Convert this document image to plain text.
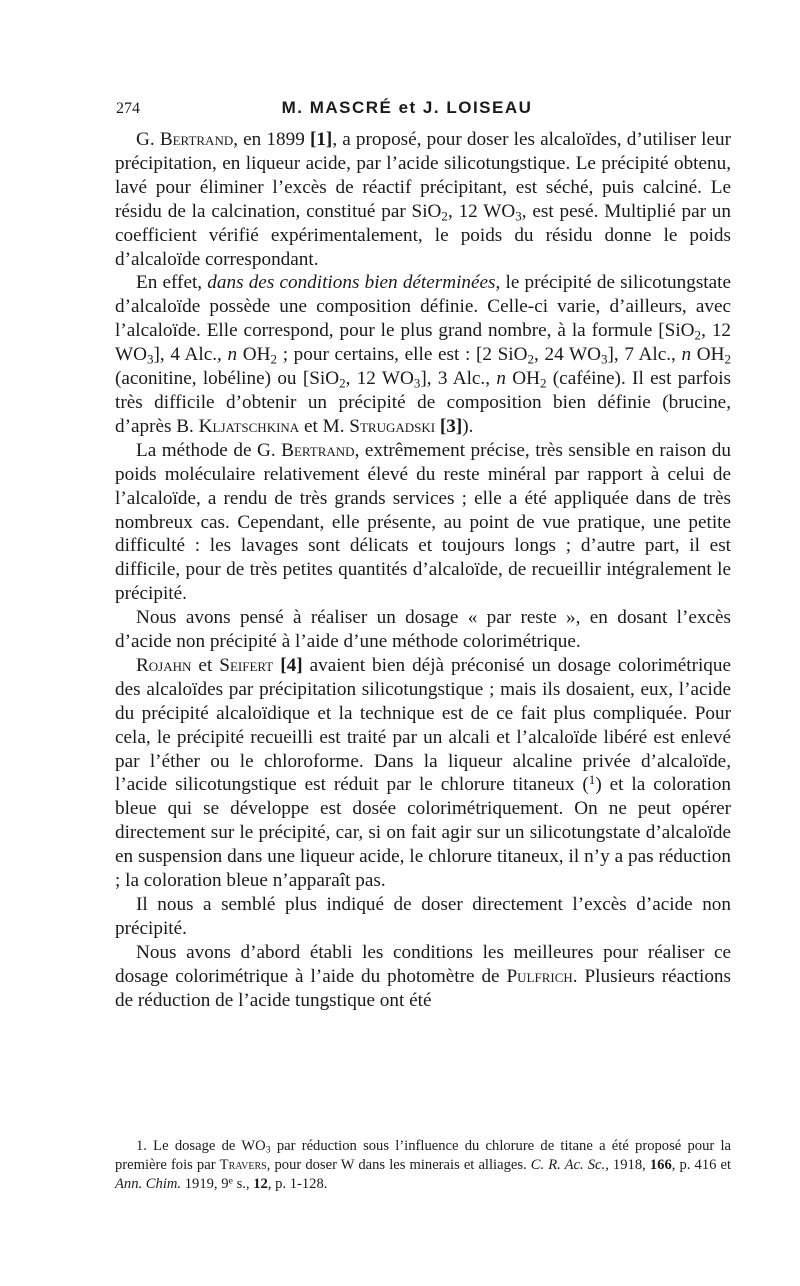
274	M. MASCRÉ et J. LOISEAU

G. Bertrand, en 1899 [1], a proposé, pour doser les alcaloïdes, d’utiliser leur précipitation, en liqueur acide, par l’acide silicotungstique. Le précipité obtenu, lavé pour éliminer l’excès de réactif précipitant, est séché, puis calciné. Le résidu de la calcination, constitué par SiO$_2$, 12 $WO_3$, est pesé. Multiplié par un coefficient vérifié expérimentalement, le poids du résidu donne le poids d’alcaloïde correspondant.

En effet, dans des conditions bien déterminées, le précipité de silicotungstate d’alcaloïde possède une composition définie. Celle-ci varie, d’ailleurs, avec l’alcaloïde. Elle correspond, pour le plus grand nombre, à la formule [SiO$_2$, 12 $WO_3$], 4 Alc., n $OH_2$ ; pour certains, elle est : [2 SiO$_2$, 24 $WO_3$], 7 Alc., n $OH_2$ (aconitine, lobéline) ou [SiO$_2$, 12 $WO_3$], 3 Alc., n $OH_2$ (caféine). Il est parfois très difficile d’obtenir un précipité de composition bien définie (brucine, d’après B. Kljatschkina et M. Strugadski [3]).

La méthode de G. Bertrand, extrêmement précise, très sensible en raison du poids moléculaire relativement élevé du reste minéral par rapport à celui de l’alcaloïde, a rendu de très grands services ; elle a été appliquée dans de très nombreux cas. Cependant, elle présente, au point de vue pratique, une petite difficulté : les lavages sont délicats et toujours longs ; d’autre part, il est difficile, pour de très petites quantités d’alcaloïde, de recueillir intégralement le précipité.

Nous avons pensé à réaliser un dosage « par reste », en dosant l’excès d’acide non précipité à l’aide d’une méthode colorimétrique.

Rojahn et Seifert [4] avaient bien déjà préconisé un dosage colorimétrique des alcaloïdes par précipitation silicotungstique ; mais ils dosaient, eux, l’acide du précipité alcaloïdique et la technique est de ce fait plus compliquée. Pour cela, le précipité recueilli est traité par un alcali et l’alcaloïde libéré est enlevé par l’éther ou le chloroforme. Dans la liqueur alcaline privée d’alcaloïde, l’acide silicotungstique est réduit par le chlorure titaneux ($^1$) et la coloration bleue qui se développe est dosée colorimétriquement. On ne peut opérer directement sur le précipité, car, si on fait agir sur un silicotungstate d’alcaloïde en suspension dans une liqueur acide, le chlorure titaneux, il n’y a pas réduction ; la coloration bleue n’apparaît pas.

Il nous a semblé plus indiqué de doser directement l’excès d’acide non précipité.

Nous avons d’abord établi les conditions les meilleures pour réaliser ce dosage colorimétrique à l’aide du photomètre de Pulfrich. Plusieurs réactions de réduction de l’acide tungstique ont été

1. Le dosage de $WO_3$ par réduction sous l’influence du chlorure de titane a été proposé pour la première fois par Travers, pour doser W dans les minerais et alliages. C. R. Ac. Sc., 1918, 166, p. 416 et Ann. Chim. 1919, 9e s., 12, p. 1-128.
